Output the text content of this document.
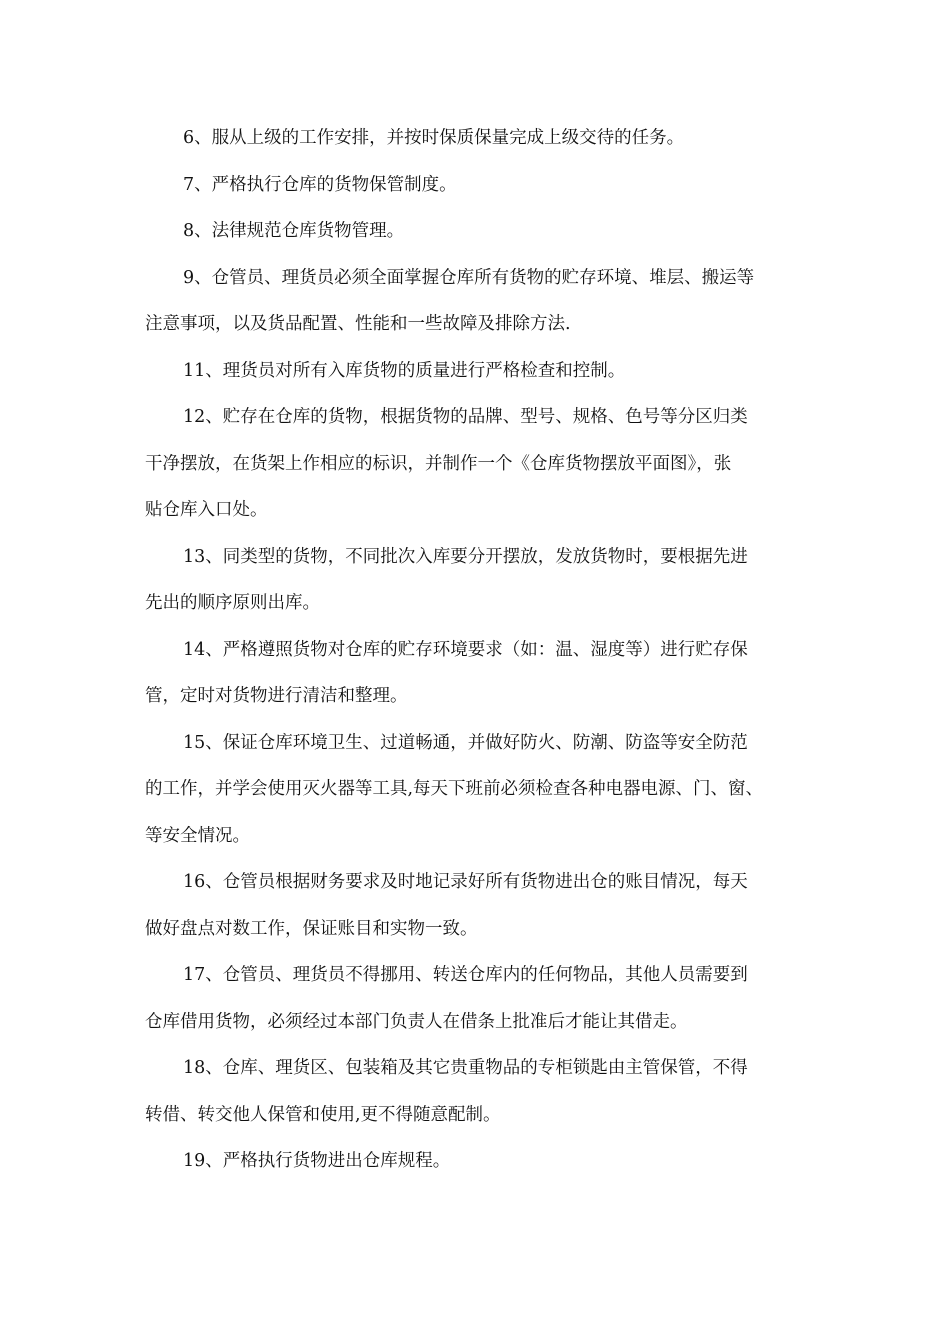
6、服从上级的工作安排，并按时保质保量完成上级交待的任务。
7、严格执行仓库的货物保管制度。
8、法律规范仓库货物管理。
9、仓管员、理货员必须全面掌握仓库所有货物的贮存环境、堆层、搬运等
注意事项，以及货品配置、性能和一些故障及排除方法.
11、理货员对所有入库货物的质量进行严格检查和控制。
12、贮存在仓库的货物，根据货物的品牌、型号、规格、色号等分区归类
干净摆放，在货架上作相应的标识，并制作一个《仓库货物摆放平面图》，张
贴仓库入口处。
13、同类型的货物，不同批次入库要分开摆放，发放货物时，要根据先进
先出的顺序原则出库。
14、严格遵照货物对仓库的贮存环境要求（如：温、湿度等）进行贮存保
管，定时对货物进行清洁和整理。
15、保证仓库环境卫生、过道畅通，并做好防火、防潮、防盗等安全防范
的工作，并学会使用灭火器等工具,每天下班前必须检查各种电器电源、门、窗、
等安全情况。
16、仓管员根据财务要求及时地记录好所有货物进出仓的账目情况，每天
做好盘点对数工作，保证账目和实物一致。
17、仓管员、理货员不得挪用、转送仓库内的任何物品，其他人员需要到
仓库借用货物，必须经过本部门负责人在借条上批准后才能让其借走。
18、仓库、理货区、包装箱及其它贵重物品的专柜锁匙由主管保管，不得
转借、转交他人保管和使用,更不得随意配制。
19、严格执行货物进出仓库规程。
